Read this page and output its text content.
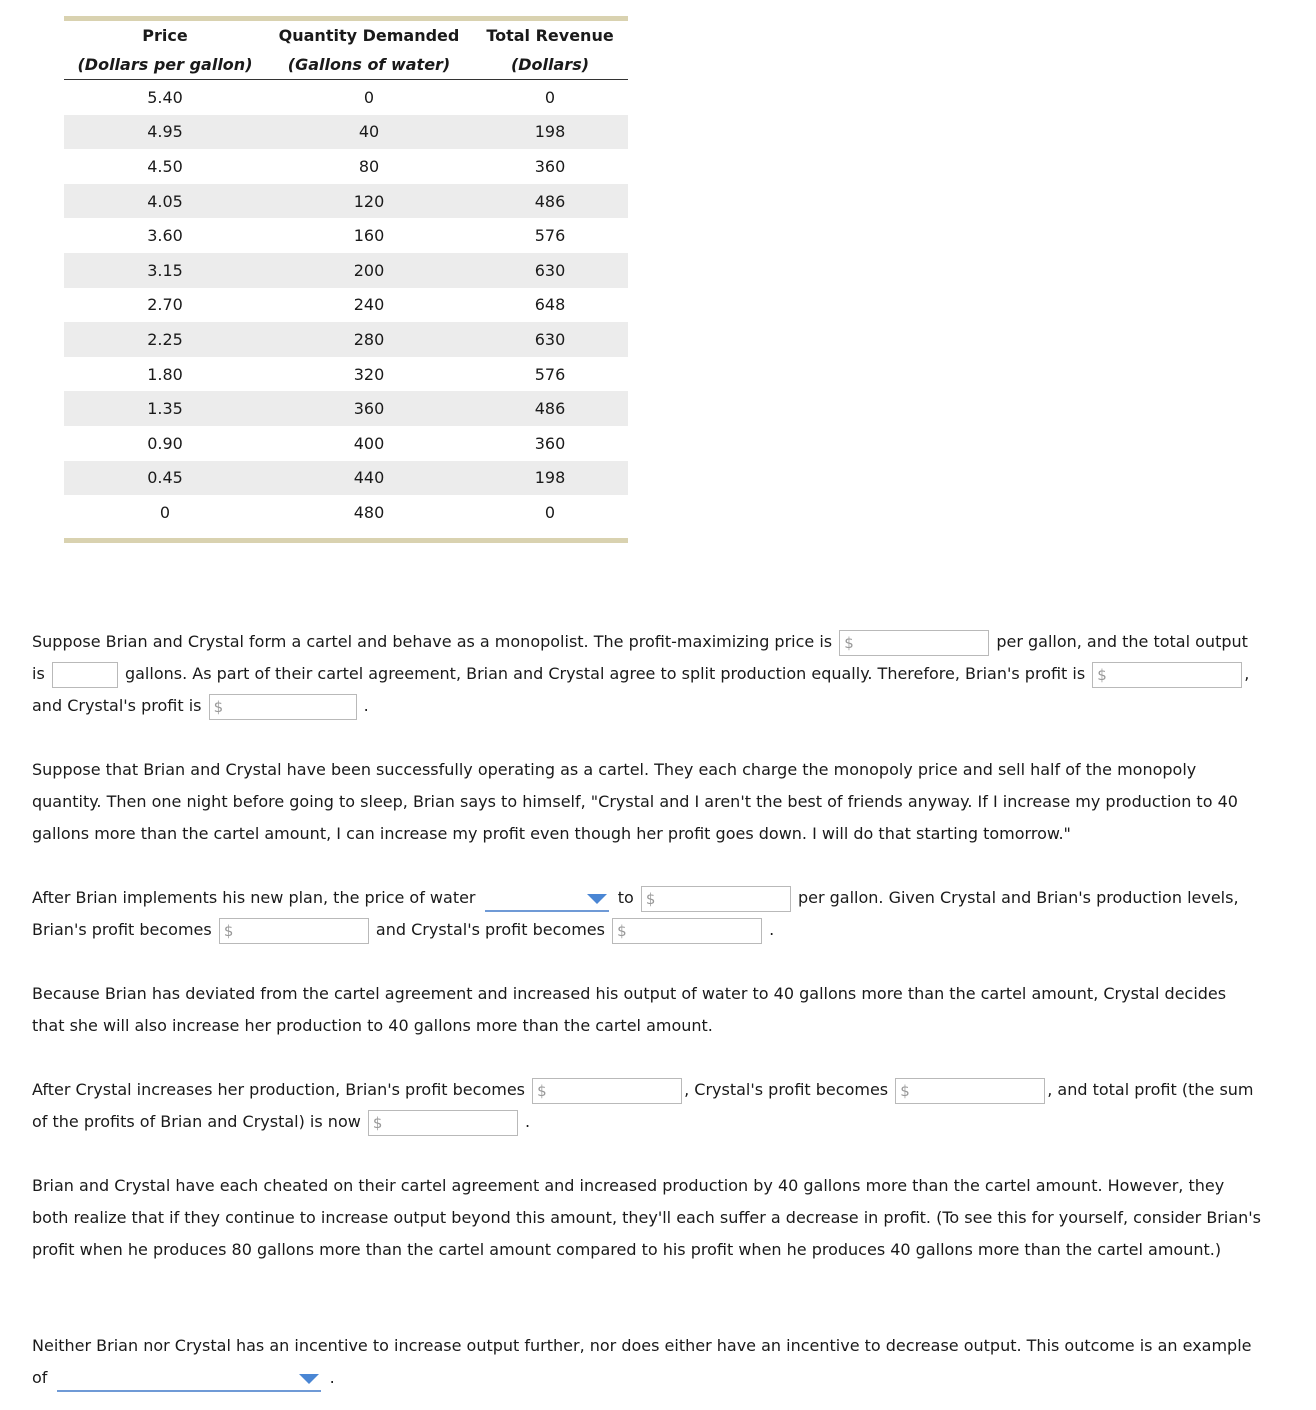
Price	Quantity Demanded	Total Revenue
(Dollars per gallon)	(Gallons of water)	(Dollars)
5.40	0	0
4.95	40	198
4.50	80	360
4.05	120	486
3.60	160	576
3.15	200	630
2.70	240	648
2.25	280	630
1.80	320	576
1.35	360	486
0.90	400	360
0.45	440	198
0	480	0

Suppose Brian and Crystal form a cartel and behave as a monopolist. The profit-maximizing price is $	per gallon, and the total output is	gallons. As part of their cartel agreement, Brian and Crystal agree to split production equally. Therefore, Brian's profit is $	, and Crystal's profit is $	.

Suppose that Brian and Crystal have been successfully operating as a cartel. They each charge the monopoly price and sell half of the monopoly quantity. Then one night before going to sleep, Brian says to himself, "Crystal and I aren't the best of friends anyway. If I increase my production to 40 gallons more than the cartel amount, I can increase my profit even though her profit goes down. I will do that starting tomorrow."

After Brian implements his new plan, the price of water	to $	per gallon. Given Crystal and Brian's production levels, Brian's profit becomes $	and Crystal's profit becomes $	.

Because Brian has deviated from the cartel agreement and increased his output of water to 40 gallons more than the cartel amount, Crystal decides that she will also increase her production to 40 gallons more than the cartel amount.

After Crystal increases her production, Brian's profit becomes $	, Crystal's profit becomes $	, and total profit (the sum of the profits of Brian and Crystal) is now $	.

Brian and Crystal have each cheated on their cartel agreement and increased production by 40 gallons more than the cartel amount. However, they both realize that if they continue to increase output beyond this amount, they'll each suffer a decrease in profit. (To see this for yourself, consider Brian's profit when he produces 80 gallons more than the cartel amount compared to his profit when he produces 40 gallons more than the cartel amount.)

Neither Brian nor Crystal has an incentive to increase output further, nor does either have an incentive to decrease output. This outcome is an example of	.
